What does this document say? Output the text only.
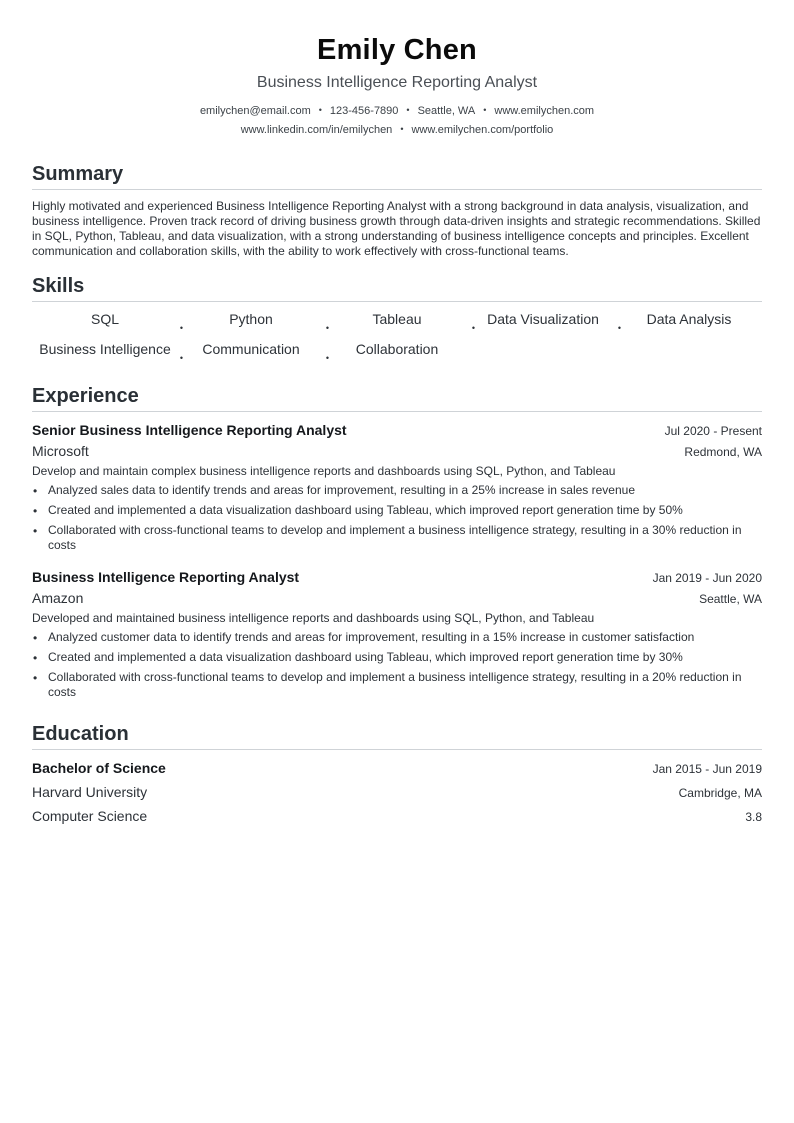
Emily Chen
Business Intelligence Reporting Analyst
emilychen@email.com • 123-456-7890 • Seattle, WA • www.emilychen.com
www.linkedin.com/in/emilychen • www.emilychen.com/portfolio
Summary
Highly motivated and experienced Business Intelligence Reporting Analyst with a strong background in data analysis, visualization, and business intelligence. Proven track record of driving business growth through data-driven insights and strategic recommendations. Skilled in SQL, Python, Tableau, and data visualization, with a strong understanding of business intelligence concepts and principles. Excellent communication and collaboration skills, with the ability to work effectively with cross-functional teams.
Skills
SQL
•
Python
•
Tableau
•
Data Visualization
•
Data Analysis
Business Intelligence
•
Communication
•
Collaboration
Experience
Senior Business Intelligence Reporting Analyst	Jul 2020 - Present
Microsoft	Redmond, WA
Develop and maintain complex business intelligence reports and dashboards using SQL, Python, and Tableau
• Analyzed sales data to identify trends and areas for improvement, resulting in a 25% increase in sales revenue
• Created and implemented a data visualization dashboard using Tableau, which improved report generation time by 50%
• Collaborated with cross-functional teams to develop and implement a business intelligence strategy, resulting in a 30% reduction in costs
Business Intelligence Reporting Analyst	Jan 2019 - Jun 2020
Amazon	Seattle, WA
Developed and maintained business intelligence reports and dashboards using SQL, Python, and Tableau
• Analyzed customer data to identify trends and areas for improvement, resulting in a 15% increase in customer satisfaction
• Created and implemented a data visualization dashboard using Tableau, which improved report generation time by 30%
• Collaborated with cross-functional teams to develop and implement a business intelligence strategy, resulting in a 20% reduction in costs
Education
Bachelor of Science	Jan 2015 - Jun 2019
Harvard University	Cambridge, MA
Computer Science	3.8
